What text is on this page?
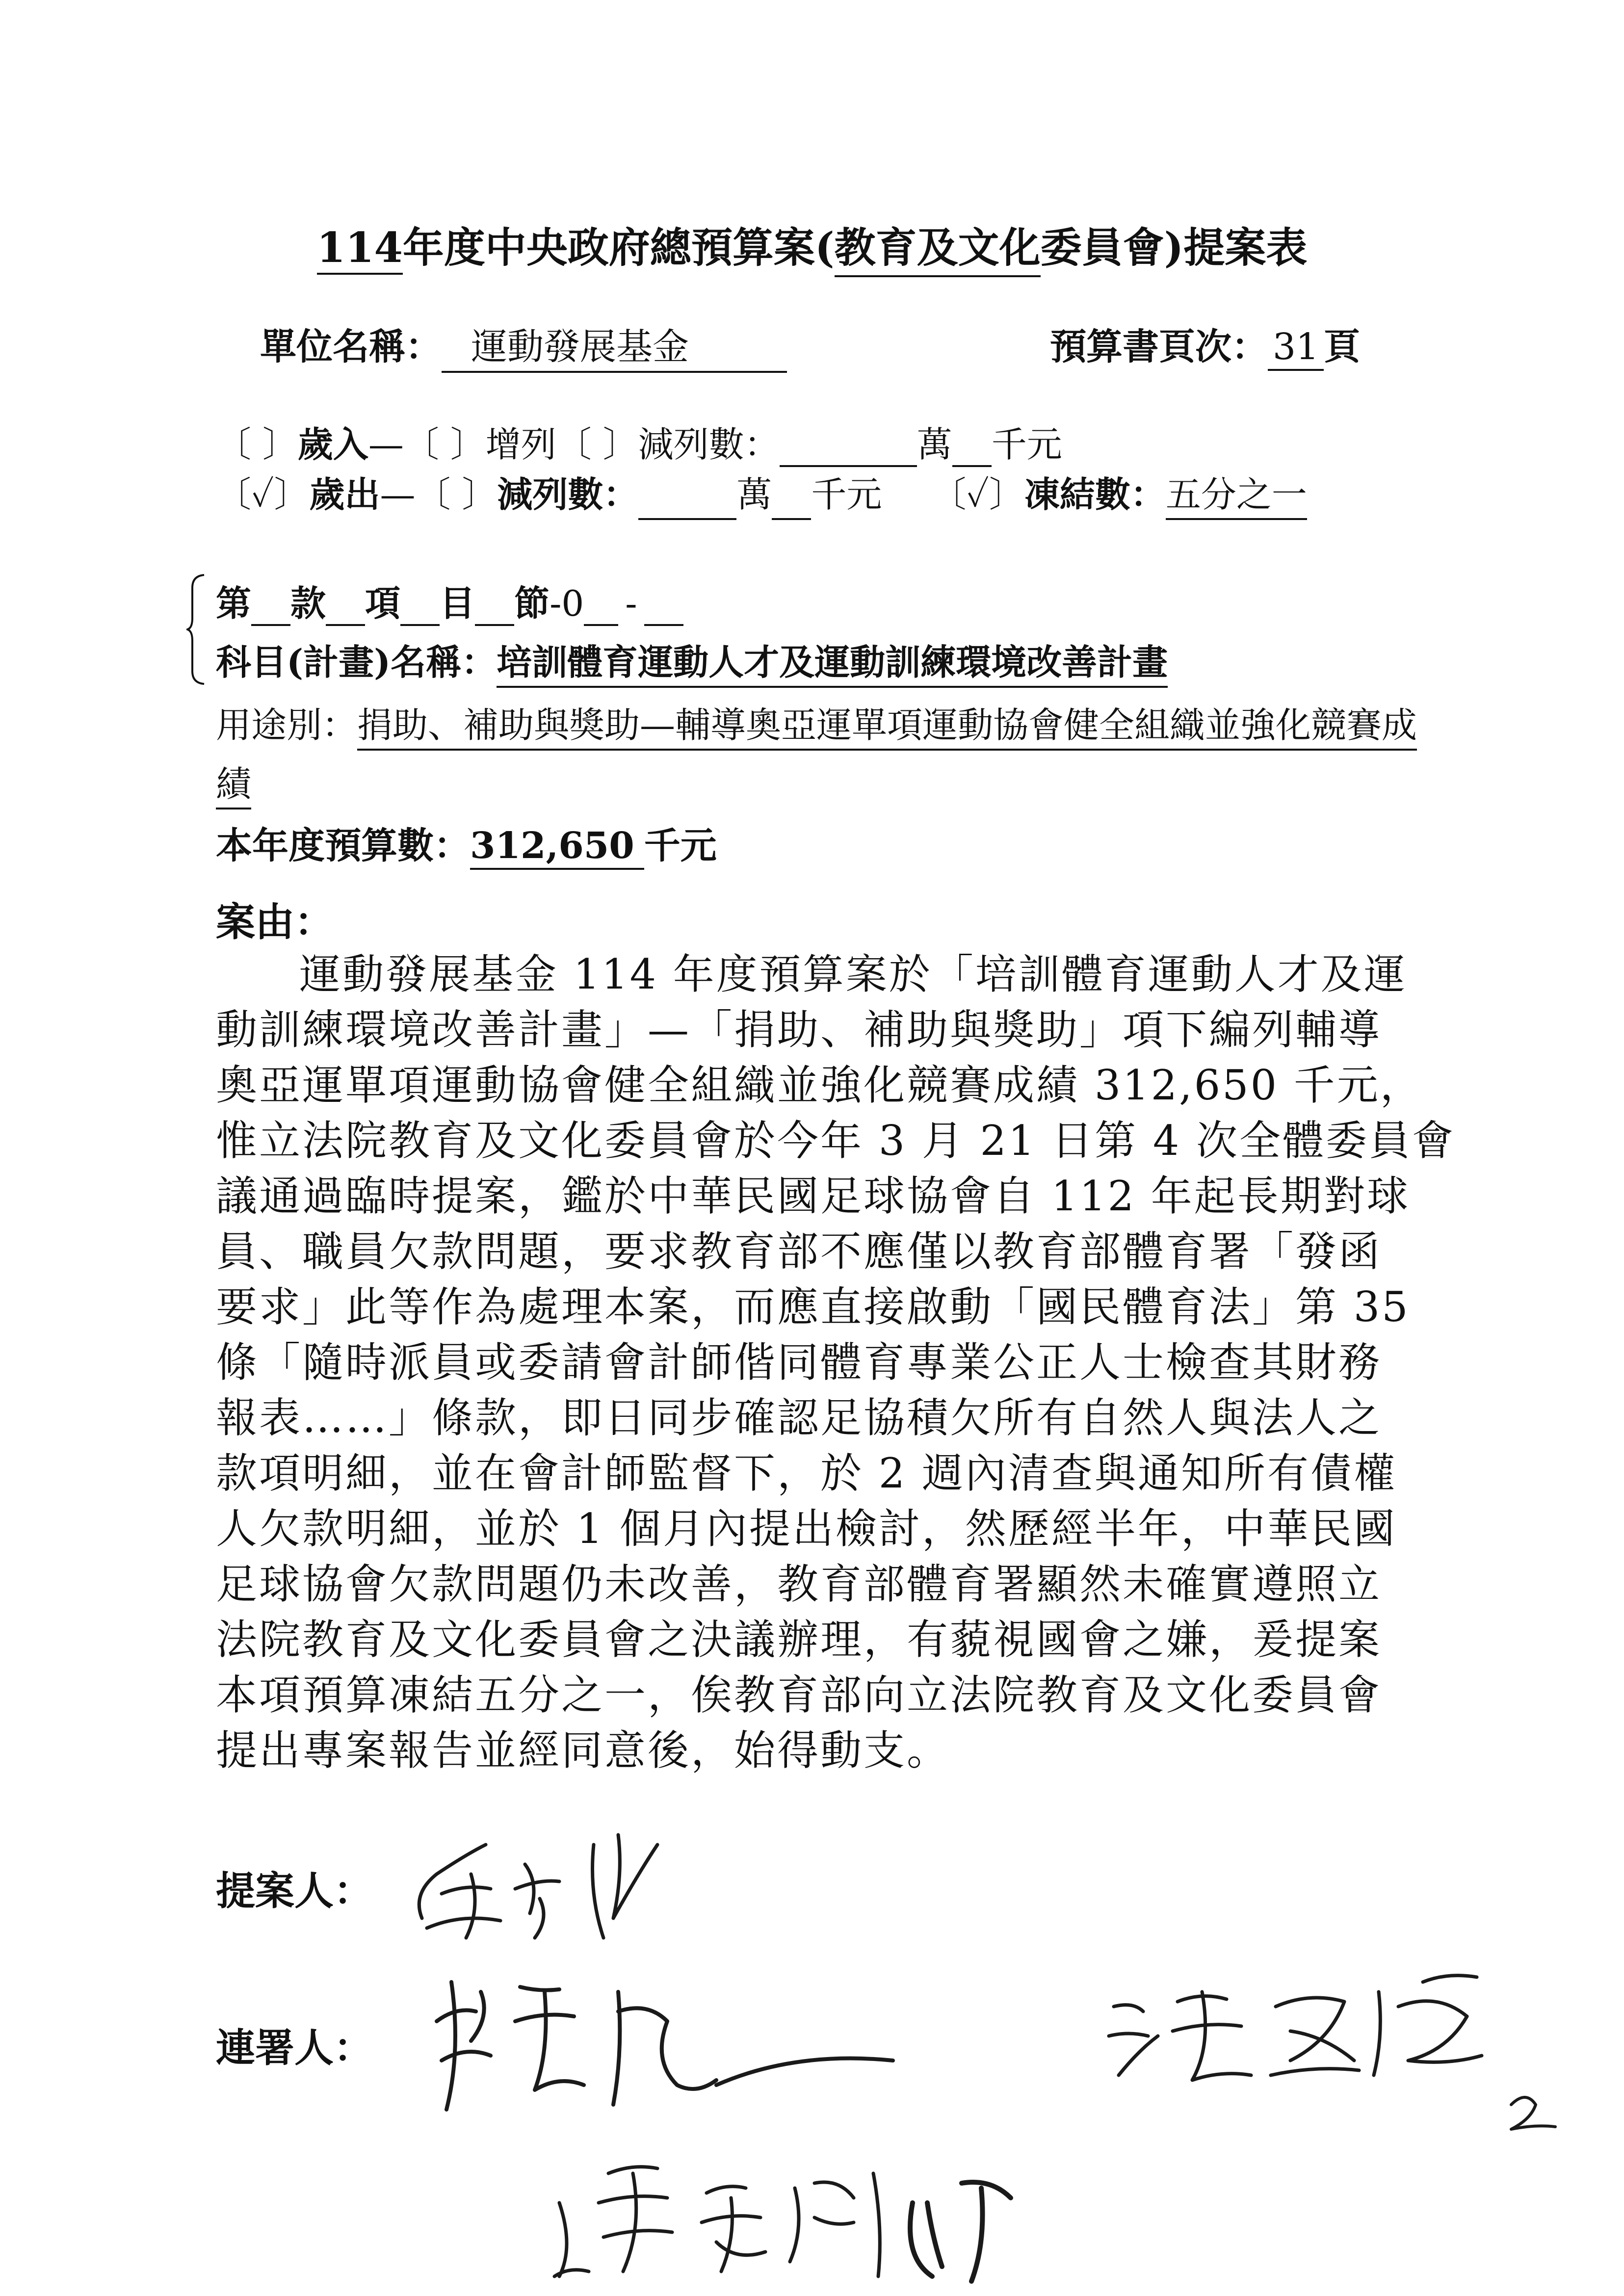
114年度中央政府總預算案(教育及文化委員會)提案表
單位名稱： 運動發展基金	預算書頁次： 31 頁
〔 〕歲入—〔 〕增列〔 〕減列數：	萬 千元
〔✓〕歲出—〔 〕減列數：	萬 千元 〔✓〕凍結數：五分之一
第 款 項 目 節-0 -
科目(計畫)名稱：培訓體育運動人才及運動訓練環境改善計畫
用途別：捐助、補助與獎助—輔導奧亞運單項運動協會健全組織並強化競賽成
績
本年度預算數：312,650 千元
案由：
運動發展基金 114 年度預算案於「培訓體育運動人才及運
動訓練環境改善計畫」—「捐助、補助與獎助」項下編列輔導
奧亞運單項運動協會健全組織並強化競賽成績 312,650 千元，
惟立法院教育及文化委員會於今年 3 月 21 日第 4 次全體委員會
議通過臨時提案，鑑於中華民國足球協會自 112 年起長期對球
員、職員欠款問題，要求教育部不應僅以教育部體育署「發函
要求」此等作為處理本案，而應直接啟動「國民體育法」第 35
條「隨時派員或委請會計師偕同體育專業公正人士檢查其財務
報表……」條款，即日同步確認足協積欠所有自然人與法人之
款項明細，並在會計師監督下，於 2 週內清查與通知所有債權
人欠款明細，並於 1 個月內提出檢討，然歷經半年，中華民國
足球協會欠款問題仍未改善，教育部體育署顯然未確實遵照立
法院教育及文化委員會之決議辦理，有藐視國會之嫌，爰提案
本項預算凍結五分之一，俟教育部向立法院教育及文化委員會
提出專案報告並經同意後，始得動支。
提案人：
連署人：
